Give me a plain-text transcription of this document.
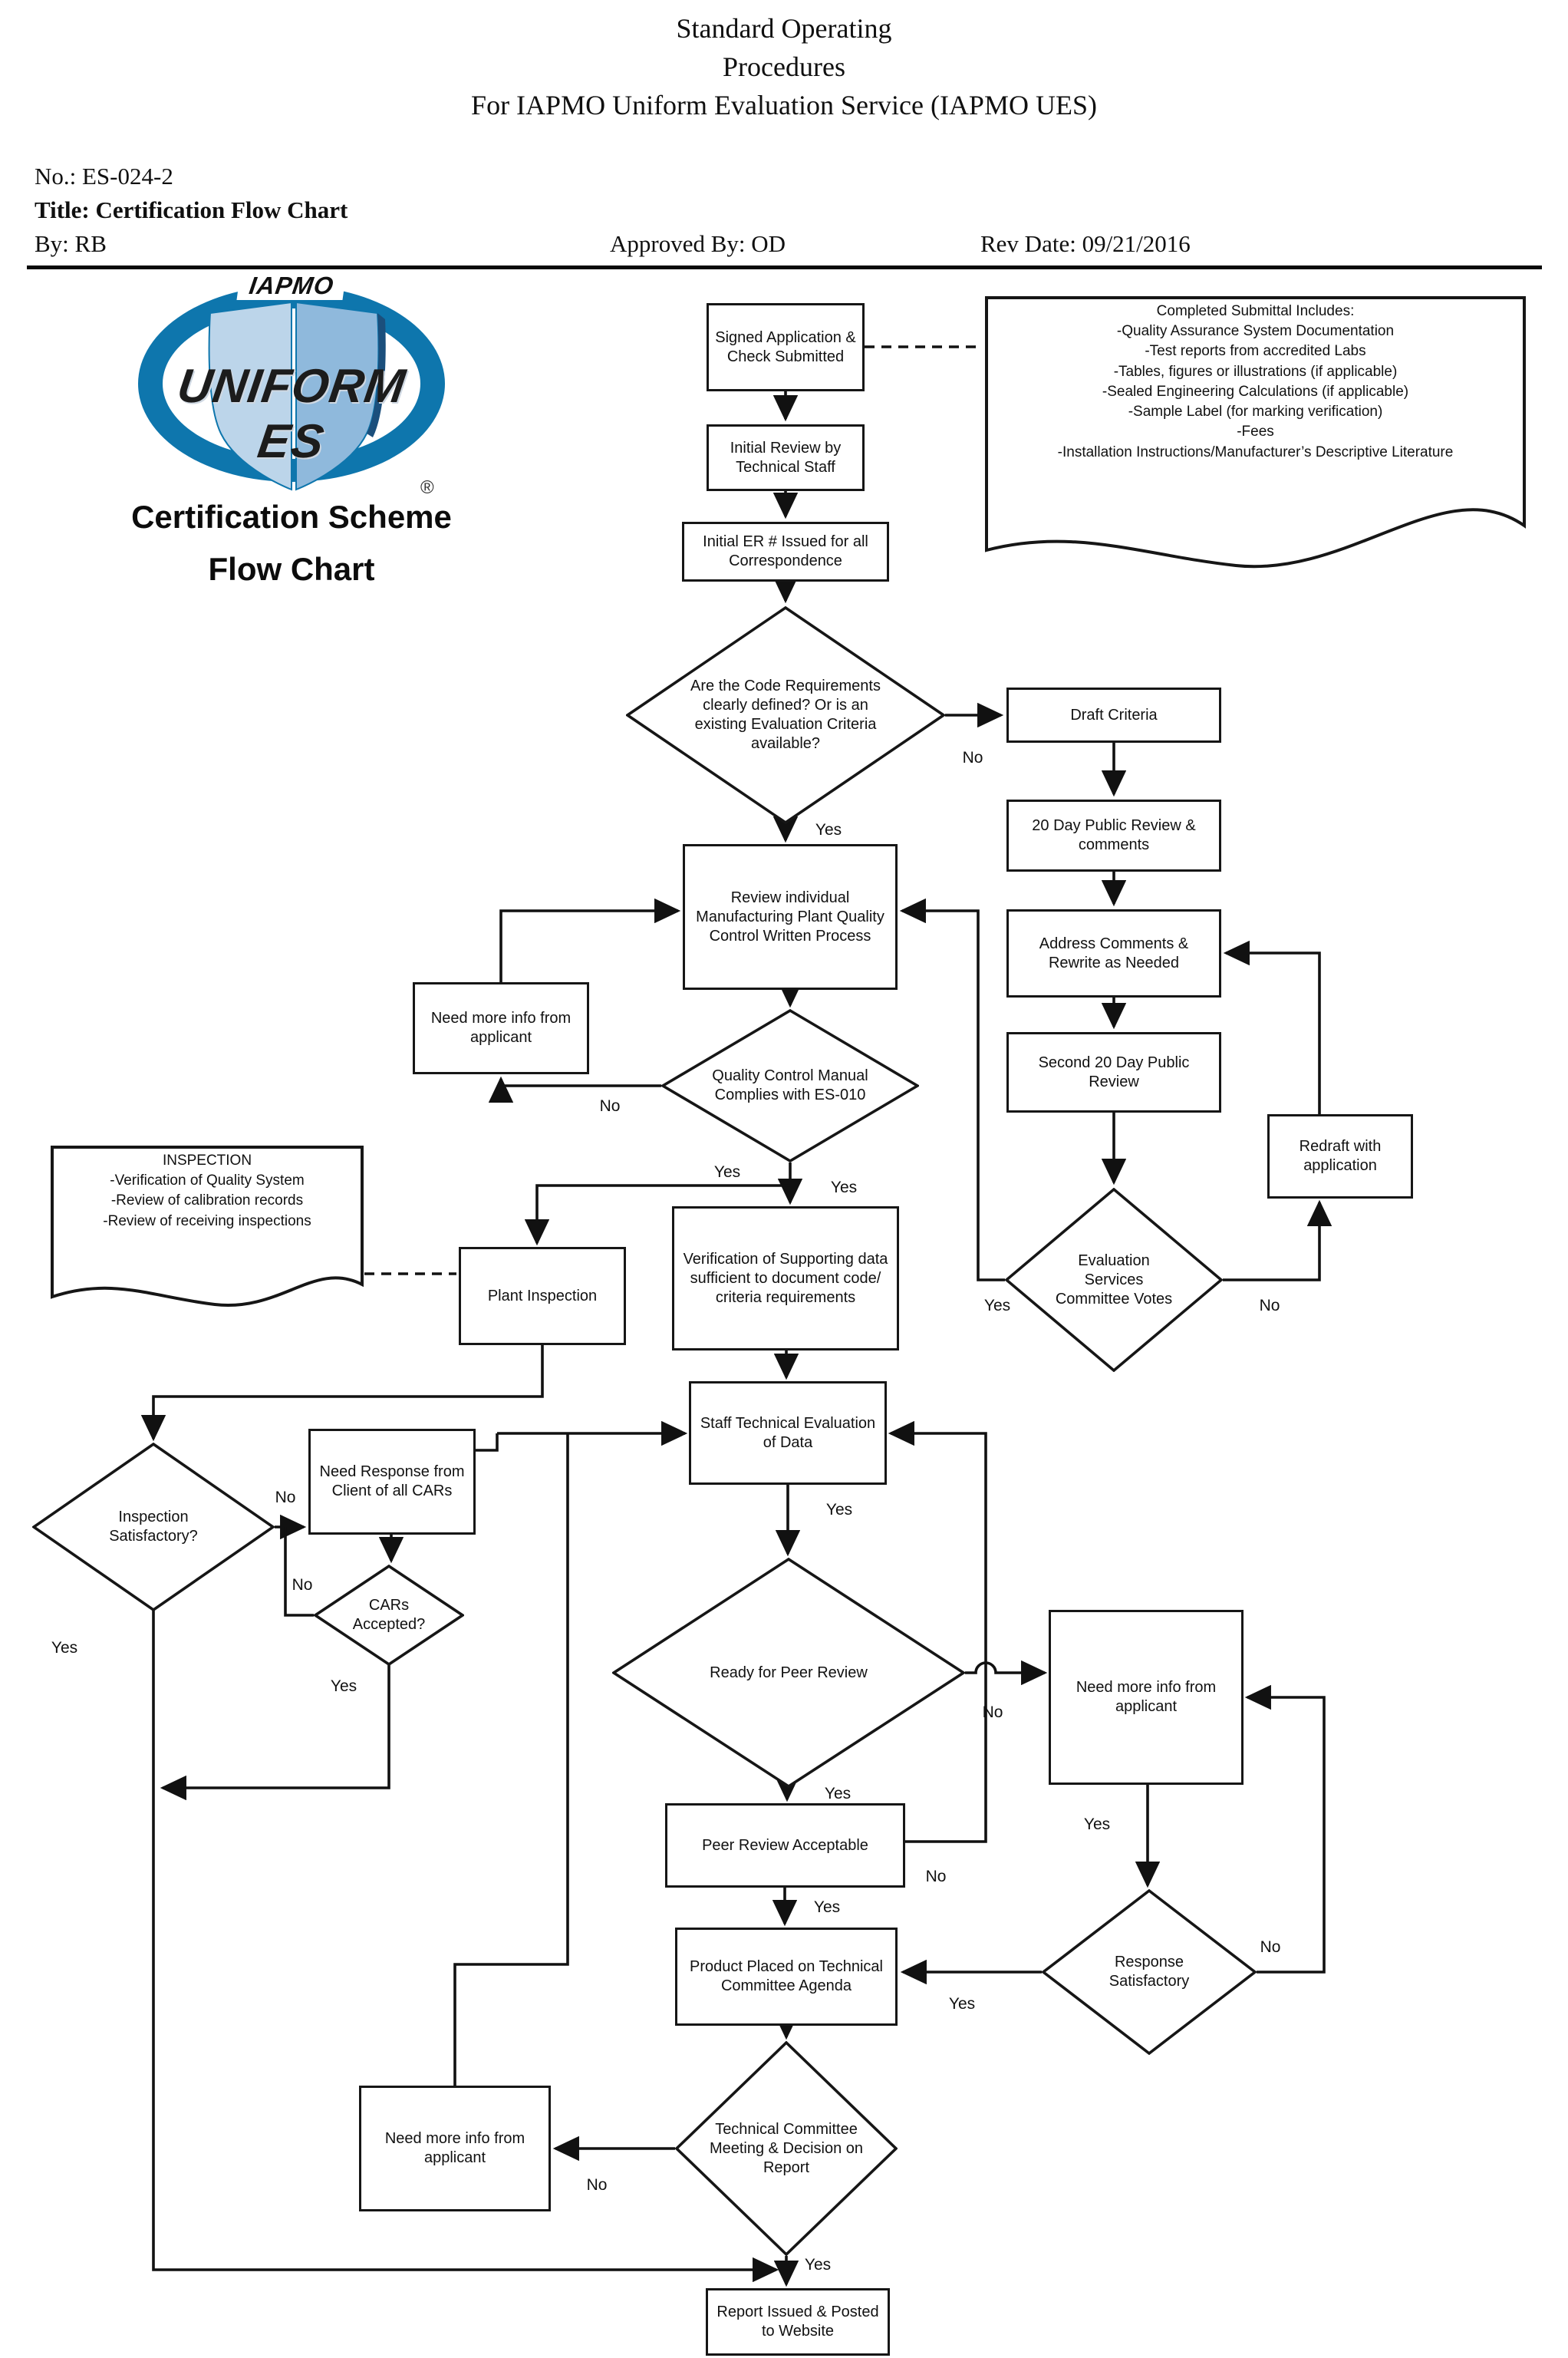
Standard Operating
Procedures
For IAPMO Uniform Evaluation Service (IAPMO UES)
No.: ES-024-2
Title: Certification Flow Chart
By: RB	Approved By: OD	Rev Date: 09/21/2016
IAPMO
UNIFORM
ES
®
Certification Scheme
Flow Chart
Completed Submittal Includes:
-Quality Assurance System Documentation
-Test reports from accredited Labs
-Tables, figures or illustrations (if applicable)
-Sealed Engineering Calculations (if applicable)
-Sample Label (for marking verification)
-Fees
-Installation Instructions/Manufacturer’s Descriptive Literature
INSPECTION
-Verification of Quality System
-Review of calibration records
-Review of receiving inspections
Signed Application & Check Submitted
Initial Review by Technical Staff
Initial ER # Issued for all Correspondence
Draft Criteria
20 Day Public Review & comments
Address Comments & Rewrite as Needed
Second 20 Day Public Review
Redraft with application
Review individual Manufacturing Plant Quality Control Written Process
Need more info from applicant
Verification of Supporting data sufficient to document code/ criteria requirements
Plant Inspection
Staff Technical Evaluation of Data
Need Response from Client of all CARs
Need more info from applicant
Peer Review Acceptable
Product Placed on Technical Committee Agenda
Need more info from applicant
Report Issued & Posted to Website
Are the Code Requirements clearly defined? Or is an existing Evaluation Criteria available?
Evaluation Services Committee Votes
Quality Control Manual Complies with ES-010
Inspection Satisfactory?
CARs Accepted?
Ready for Peer Review
Response Satisfactory
Technical Committee Meeting & Decision on Report
No
Yes
No
Yes
Yes
Yes	No
No
Yes
No
Yes
Yes
No
Yes
No
Yes
Yes
No
Yes
No
Yes
